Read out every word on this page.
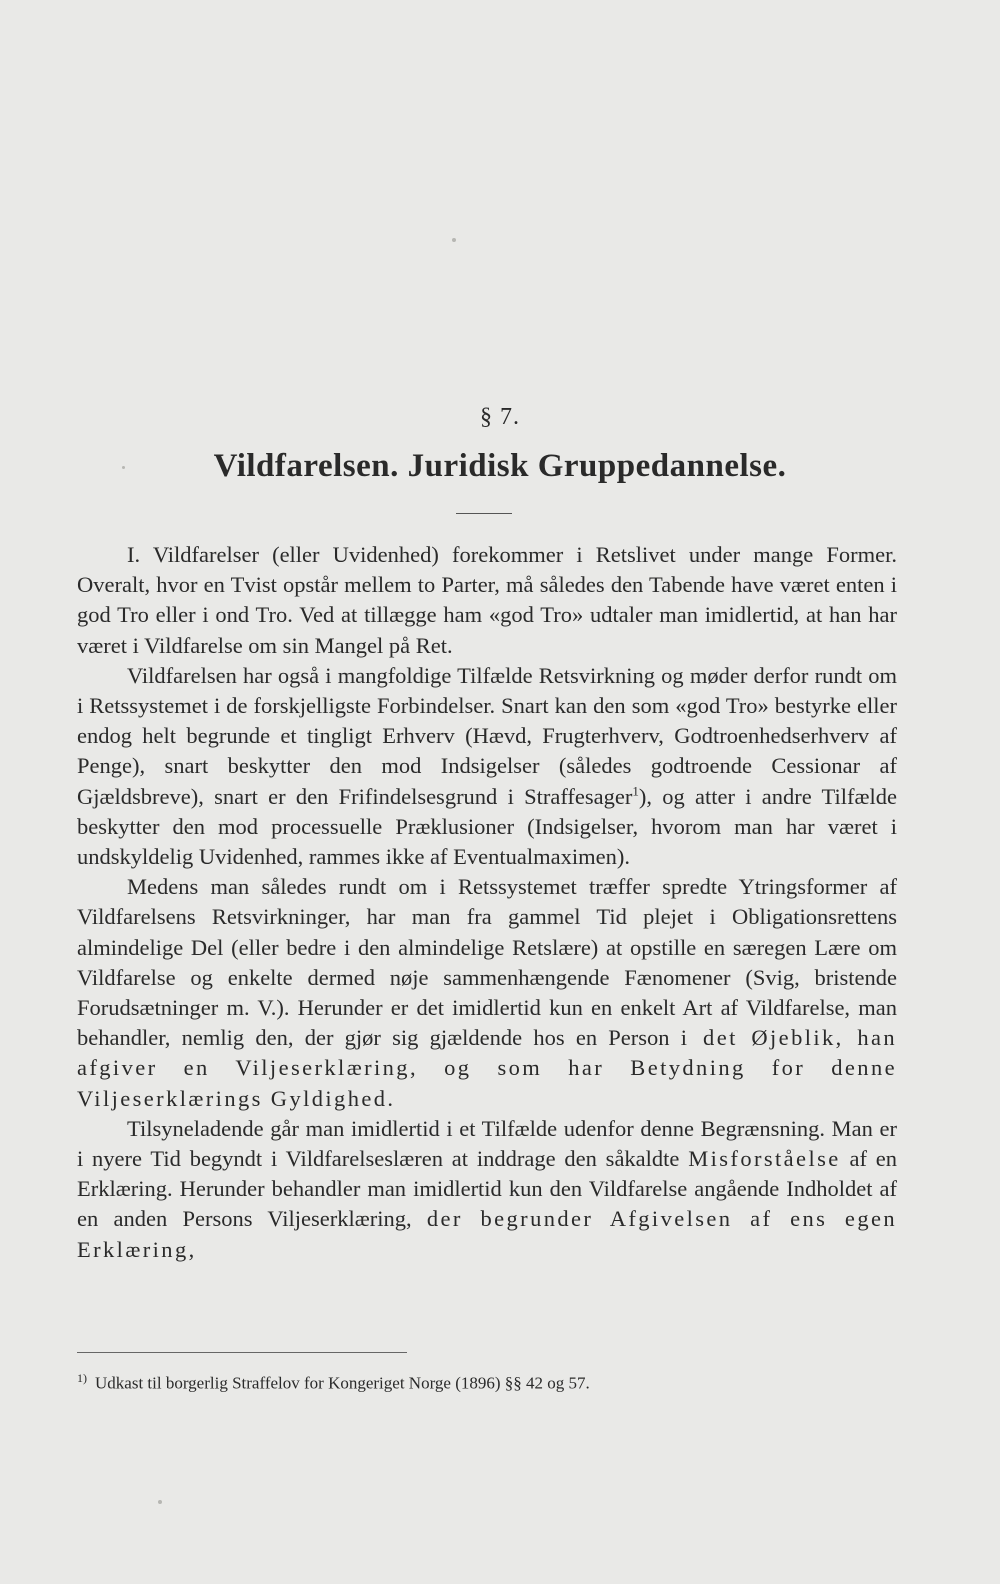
§ 7.
Vildfarelsen. Juridisk Gruppedannelse.

I. Vildfarelser (eller Uvidenhed) forekommer i Retslivet under mange Former. Overalt, hvor en Tvist opstår mellem to Parter, må således den Tabende have været enten i god Tro eller i ond Tro. Ved at tillægge ham «god Tro» udtaler man imidlertid, at han har været i Vildfarelse om sin Mangel på Ret.

Vildfarelsen har også i mangfoldige Tilfælde Retsvirkning og møder derfor rundt om i Retssystemet i de forskjelligste Forbindelser. Snart kan den som «god Tro» bestyrke eller endog helt begrunde et tingligt Erhverv (Hævd, Frugterhverv, Godtroenhedserhverv af Penge), snart beskytter den mod Indsigelser (således godtroende Cessionar af Gjældsbreve), snart er den Frifindelsesgrund i Straffesager$^1$), og atter i andre Tilfælde beskytter den mod processuelle Præklusioner (Indsigelser, hvorom man har været i undskyldelig Uvidenhed, rammes ikke af Eventualmaximen).

Medens man således rundt om i Retssystemet træffer spredte Ytringsformer af Vildfarelsens Retsvirkninger, har man fra gammel Tid plejet i Obligationsrettens almindelige Del (eller bedre i den almindelige Retslære) at opstille en særegen Lære om Vildfarelse og enkelte dermed nøje sammenhængende Fænomener (Svig, bristende Forudsætninger m. V.). Herunder er det imidlertid kun en enkelt Art af Vildfarelse, man behandler, nemlig den, der gjør sig gjældende hos en Person i det Øjeblik, han afgiver en Viljeserklæring, og som har Betydning for denne Viljeserklærings Gyldighed.

Tilsyneladende går man imidlertid i et Tilfælde udenfor denne Begrænsning. Man er i nyere Tid begyndt i Vildfarelseslæren at inddrage den såkaldte Misforståelse af en Erklæring. Herunder behandler man imidlertid kun den Vildfarelse angående Indholdet af en anden Persons Viljeserklæring, der begrunder Afgivelsen af ens egen Erklæring,

$^{1)}$ Udkast til borgerlig Straffelov for Kongeriget Norge (1896) §§ 42 og 57.
